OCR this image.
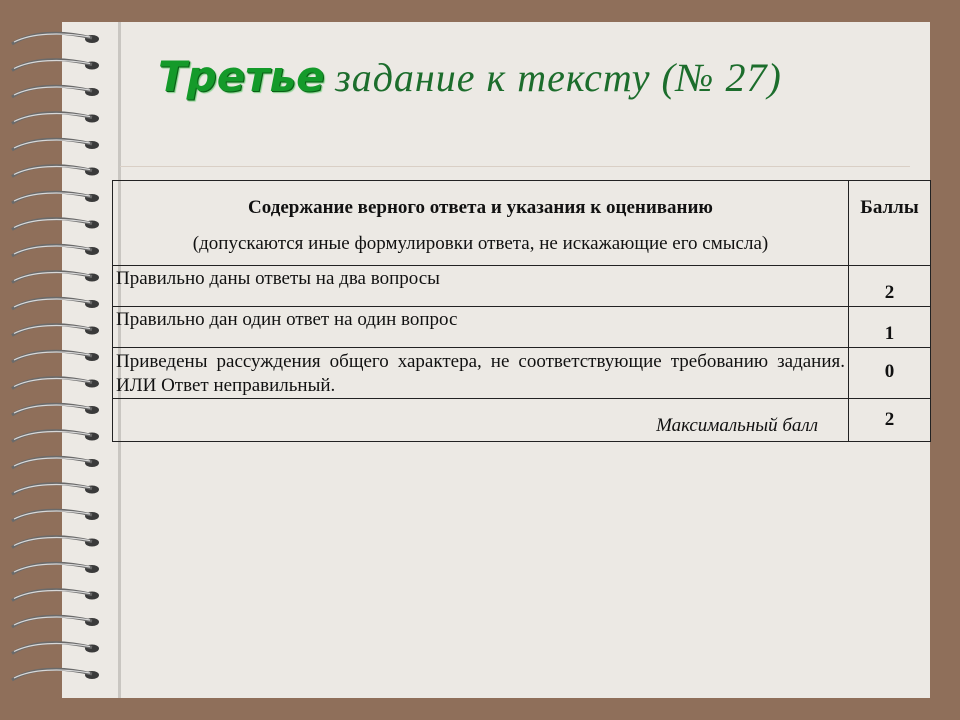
Третье задание к тексту (№ 27)
Содержание верного ответа и указания к оцениванию
(допускаются иные формулировки ответа, не искажающие его смысла)	Баллы
Правильно даны ответы на два вопросы	2
Правильно дан один ответ на один вопрос	1
Приведены рассуждения общего характера, не соответствующие требованию задания. ИЛИ Ответ неправильный.	0
Максимальный балл	2
